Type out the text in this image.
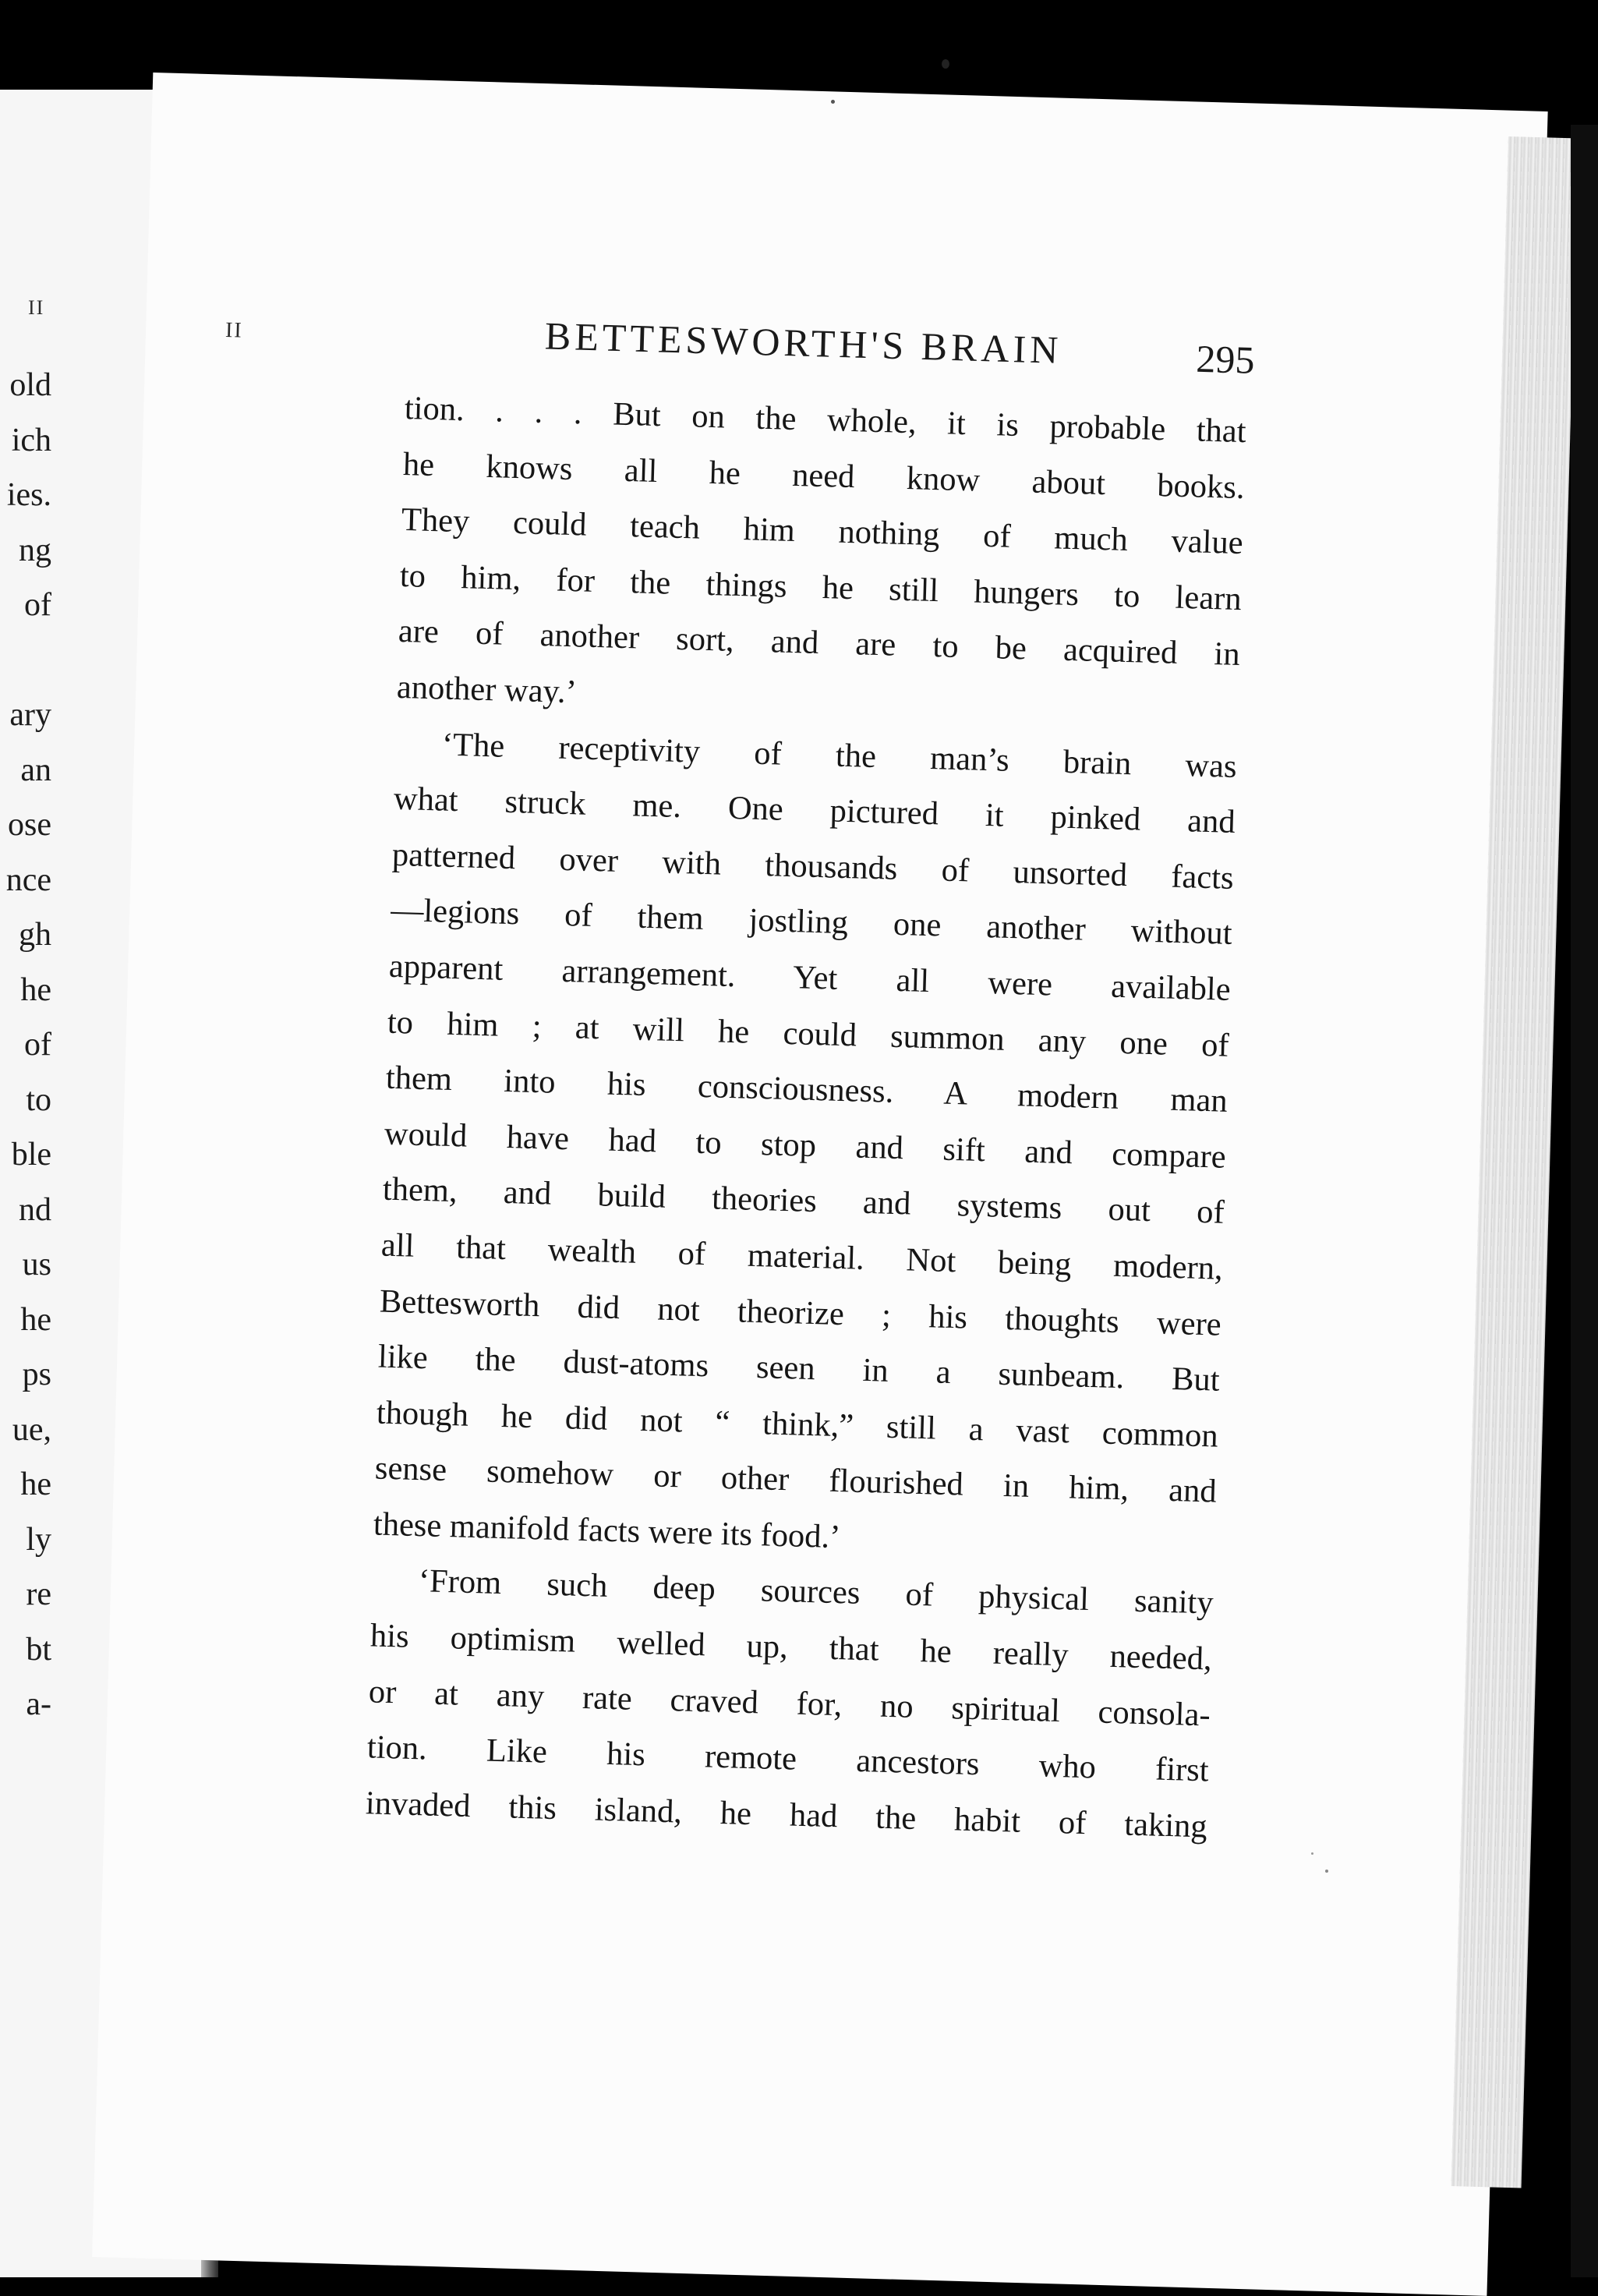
II
old
ich
ies.
ng
of
ary
an
ose
nce
gh
he
of
to
ble
nd
us
he
ps
ue,
he
ly
re
bt
a-
II	BETTESWORTH'S BRAIN	295
tion. . . . But on the whole, it is probable that
he knows all he need know about books.
They could teach him nothing of much value
to him, for the things he still hungers to learn
are of another sort, and are to be acquired in
another way.’
‘The receptivity of the man’s brain was
what struck me. One pictured it pinked and
patterned over with thousands of unsorted facts
—legions of them jostling one another without
apparent arrangement. Yet all were available
to him ; at will he could summon any one of
them into his consciousness. A modern man
would have had to stop and sift and compare
them, and build theories and systems out of
all that wealth of material. Not being modern,
Bettesworth did not theorize ; his thoughts were
like the dust-atoms seen in a sunbeam. But
though he did not “ think,” still a vast common
sense somehow or other flourished in him, and
these manifold facts were its food.’
‘From such deep sources of physical sanity
his optimism welled up, that he really needed,
or at any rate craved for, no spiritual consola-
tion. Like his remote ancestors who first
invaded this island, he had the habit of taking
